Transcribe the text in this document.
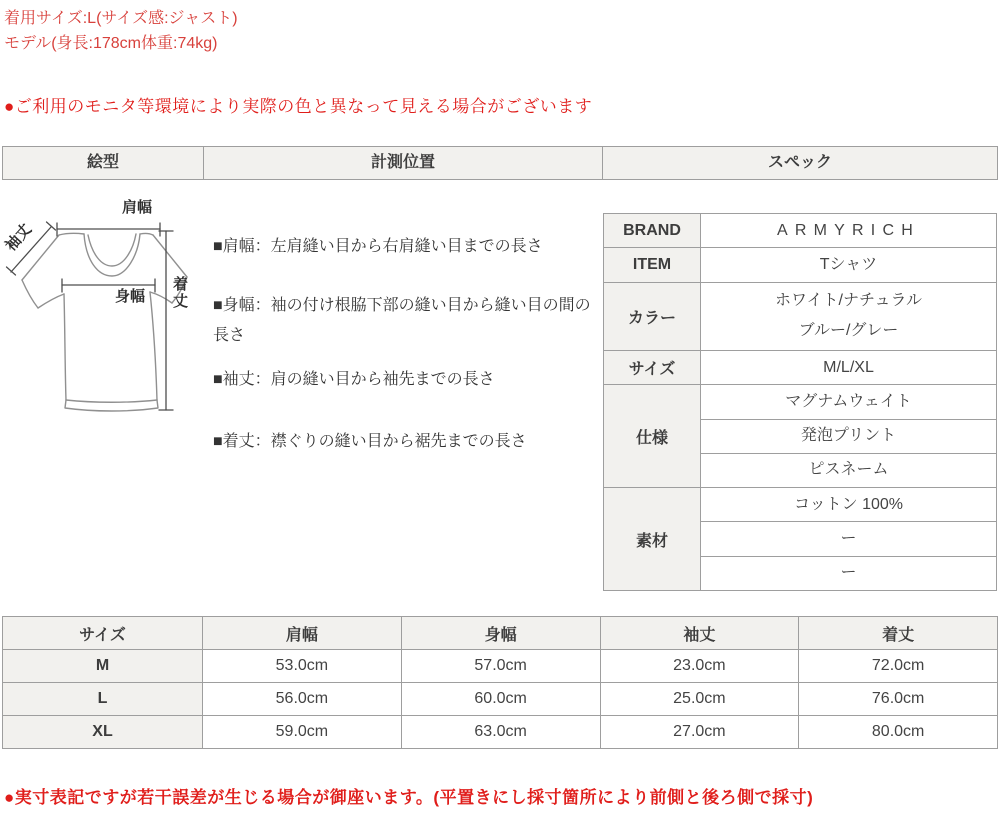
着用サイズ:L(サイズ感:ジャスト)
モデル(身長:178cm体重:74kg)
●ご利用のモニタ等環境により実際の色と異なって見える場合がございます
絵型	計測位置	スペック
肩幅
袖丈
身幅 着丈
■肩幅：左肩縫い目から右肩縫い目までの長さ
■身幅：袖の付け根脇下部の縫い目から縫い目の間の長さ
■袖丈：肩の縫い目から袖先までの長さ
■着丈：襟ぐりの縫い目から裾先までの長さ
BRAND	ARMYRICH
ITEM	Tシャツ
カラー	ホワイト/ナチュラル
ブルー/グレー

サイズ	M/L/XL
仕様	マグナムウェイト
	発泡プリント
	ピスネーム
素材	コットン 100%
	ー
	ー
サイズ	肩幅	身幅	袖丈	着丈
M	53.0cm	57.0cm	23.0cm	72.0cm
L	56.0cm	60.0cm	25.0cm	76.0cm
XL	59.0cm	63.0cm	27.0cm	80.0cm
●実寸表記ですが若干誤差が生じる場合が御座います。(平置きにし採寸箇所により前側と後ろ側で採寸)
